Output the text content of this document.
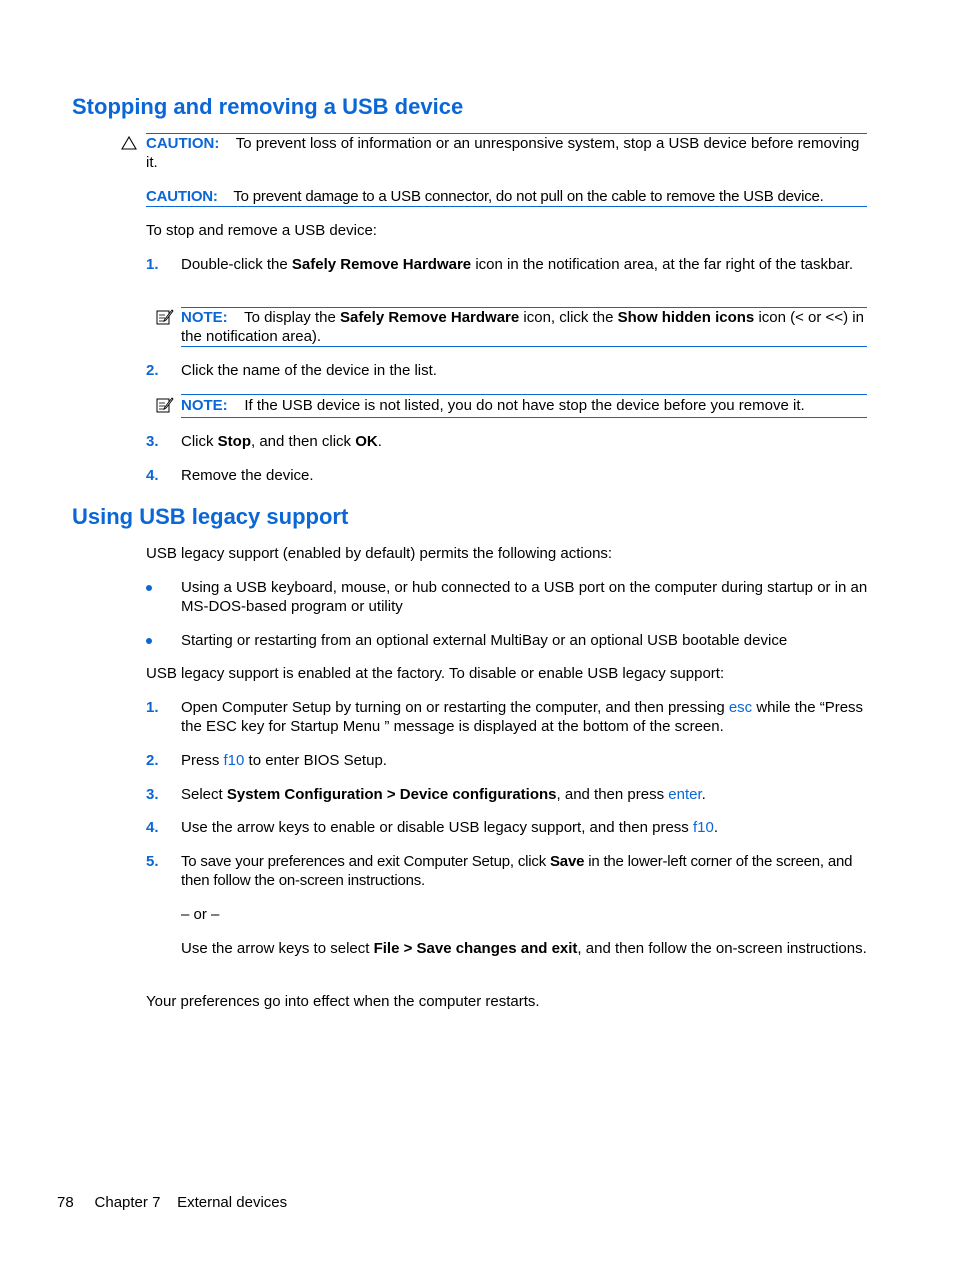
Stopping and removing a USB device
CAUTION: To prevent loss of information or an unresponsive system, stop a USB device before removing it.
CAUTION: To prevent damage to a USB connector, do not pull on the cable to remove the USB device.
To stop and remove a USB device:
1. Double-click the Safely Remove Hardware icon in the notification area, at the far right of the taskbar.
NOTE: To display the Safely Remove Hardware icon, click the Show hidden icons icon (< or <<) in the notification area).
2. Click the name of the device in the list.
NOTE: If the USB device is not listed, you do not have stop the device before you remove it.
3. Click Stop, and then click OK.
4. Remove the device.
Using USB legacy support
USB legacy support (enabled by default) permits the following actions:
Using a USB keyboard, mouse, or hub connected to a USB port on the computer during startup or in an MS-DOS-based program or utility
Starting or restarting from an optional external MultiBay or an optional USB bootable device
USB legacy support is enabled at the factory. To disable or enable USB legacy support:
1. Open Computer Setup by turning on or restarting the computer, and then pressing esc while the “Press the ESC key for Startup Menu ” message is displayed at the bottom of the screen.
2. Press f10 to enter BIOS Setup.
3. Select System Configuration > Device configurations, and then press enter.
4. Use the arrow keys to enable or disable USB legacy support, and then press f10.
5. To save your preferences and exit Computer Setup, click Save in the lower-left corner of the screen, and then follow the on-screen instructions.
– or –
Use the arrow keys to select File > Save changes and exit, and then follow the on-screen instructions.
Your preferences go into effect when the computer restarts.
78 Chapter 7 External devices
